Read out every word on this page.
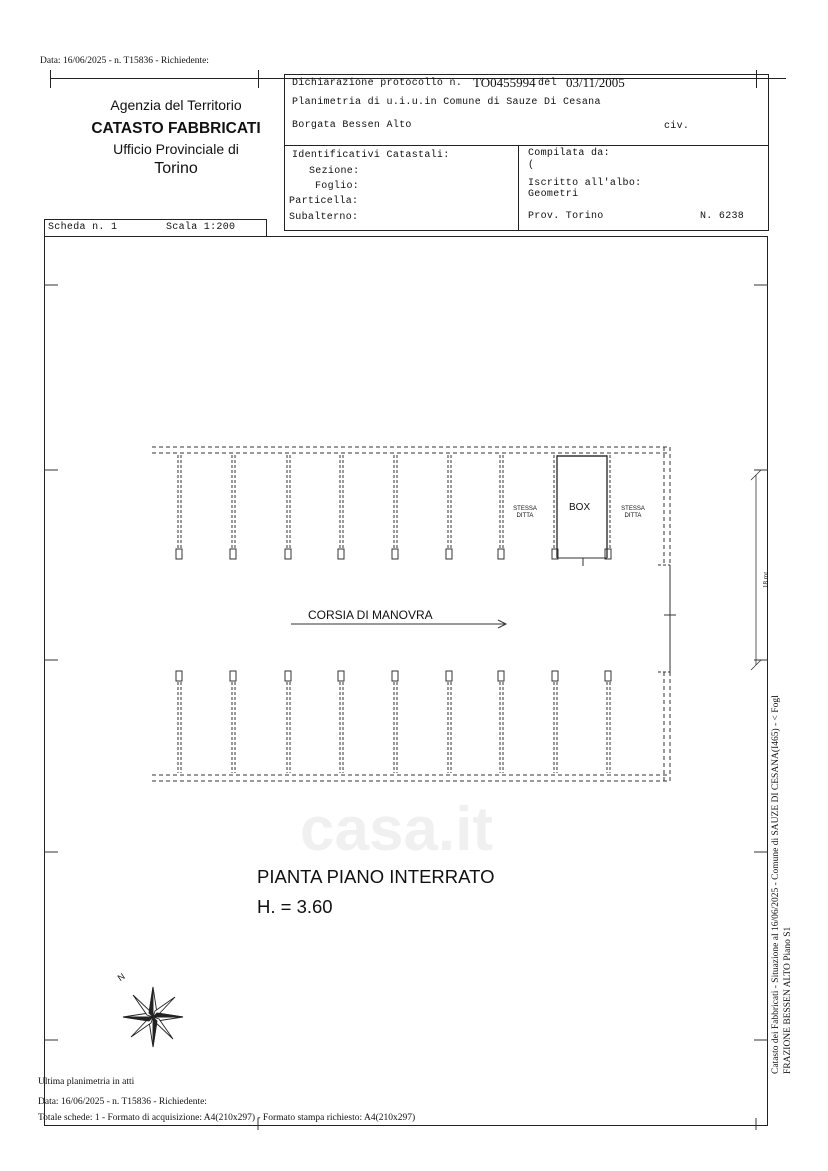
Data: 16/06/2025 - n. T15836 - Richiedente:
Agenzia del Territorio
CATASTO FABBRICATI
Ufficio Provinciale di
Torino
Dichiarazione protocollo n. TO0455994 del 03/11/2005
Planimetria di u.i.u.in Comune di Sauze Di Cesana
Borgata Bessen Alto	civ.
Identificativi Catastali:
Sezione:
Foglio:
Particella:
Subalterno:
Compilata da:
(
Iscritto all'albo:
Geometri
Prov. Torino	N. 6238
Scheda n. 1	Scala 1:200
casa.it
STESSA
DITTA
BOX	STESSA
DITTA
CORSIA DI MANOVRA
PIANTA PIANO INTERRATO
H. = 3.60
N
18 mt
Catasto dei Fabbricati - Situazione al 16/06/2025 - Comune di SAUZE DI CESANA(I465) - < Fogl FRAZIONE BESSEN ALTO Piano S1
Ultima planimetria in atti
Data: 16/06/2025 - n. T15836 - Richiedente:
Totale schede: 1 - Formato di acquisizione: A4(210x297) - Formato stampa richiesto: A4(210x297)
